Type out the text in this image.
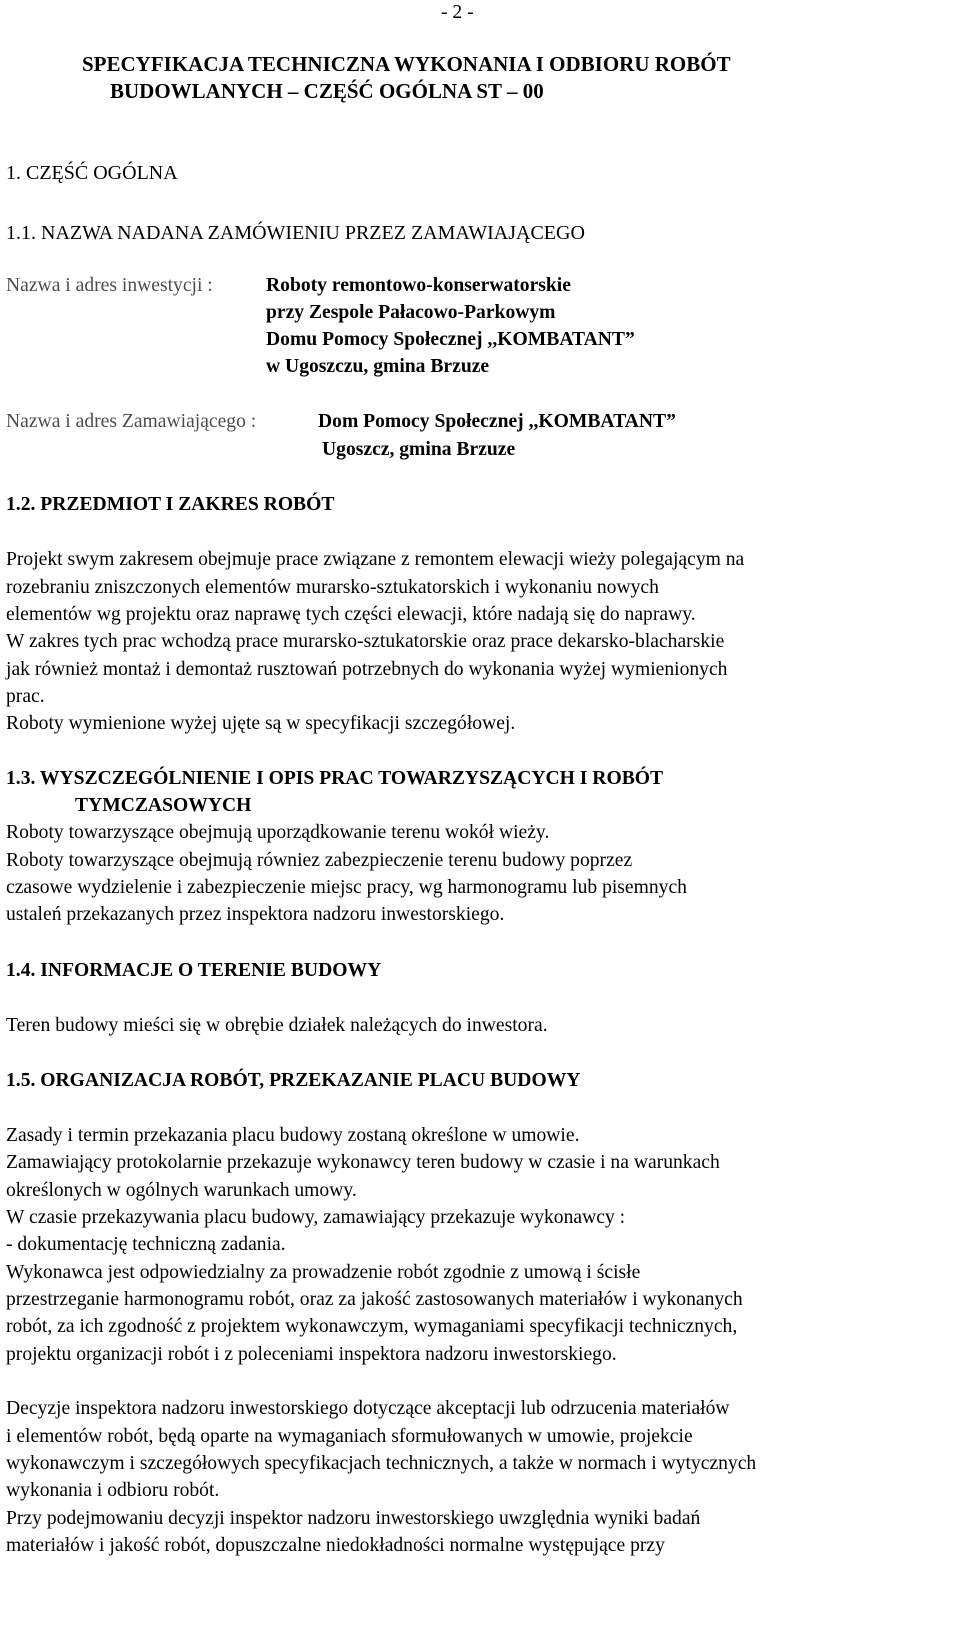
- 2 -
SPECYFIKACJA TECHNICZNA WYKONANIA I ODBIORU ROBÓT
BUDOWLANYCH – CZĘŚĆ OGÓLNA ST – 00
1. CZĘŚĆ OGÓLNA
1.1. NAZWA NADANA ZAMÓWIENIU PRZEZ ZAMAWIAJĄCEGO
Nazwa i adres inwestycji :	Roboty remontowo-konserwatorskie
przy Zespole Pałacowo-Parkowym
Domu Pomocy Społecznej ,,KOMBATANT”
w Ugoszczu, gmina Brzuze
Nazwa i adres Zamawiającego :	Dom Pomocy Społecznej ,,KOMBATANT”
Ugoszcz, gmina Brzuze
1.2. PRZEDMIOT I ZAKRES ROBÓT
Projekt swym zakresem obejmuje prace związane z remontem elewacji wieży polegającym na
rozebraniu zniszczonych elementów murarsko-sztukatorskich i wykonaniu nowych
elementów wg projektu oraz naprawę tych części elewacji, które nadają się do naprawy.
W zakres tych prac wchodzą prace murarsko-sztukatorskie oraz prace dekarsko-blacharskie
jak również montaż i demontaż rusztowań potrzebnych do wykonania wyżej wymienionych
prac.
Roboty wymienione wyżej ujęte są w specyfikacji szczegółowej.
1.3. WYSZCZEGÓLNIENIE I OPIS PRAC TOWARZYSZĄCYCH I ROBÓT
TYMCZASOWYCH
Roboty towarzyszące obejmują uporządkowanie terenu wokół wieży.
Roboty towarzyszące obejmują równiez zabezpieczenie terenu budowy poprzez
czasowe wydzielenie i zabezpieczenie miejsc pracy, wg harmonogramu lub pisemnych
ustaleń przekazanych przez inspektora nadzoru inwestorskiego.
1.4. INFORMACJE O TERENIE BUDOWY
Teren budowy mieści się w obrębie działek należących do inwestora.
1.5. ORGANIZACJA ROBÓT, PRZEKAZANIE PLACU BUDOWY
Zasady i termin przekazania placu budowy zostaną określone w umowie.
Zamawiający protokolarnie przekazuje wykonawcy teren budowy w czasie i na warunkach
określonych w ogólnych warunkach umowy.
W czasie przekazywania placu budowy, zamawiający przekazuje wykonawcy :
- dokumentację techniczną zadania.
Wykonawca jest odpowiedzialny za prowadzenie robót zgodnie z umową i ścisłe
przestrzeganie harmonogramu robót, oraz za jakość zastosowanych materiałów i wykonanych
robót, za ich zgodność z projektem wykonawczym, wymaganiami specyfikacji technicznych,
projektu organizacji robót i z poleceniami inspektora nadzoru inwestorskiego.
Decyzje inspektora nadzoru inwestorskiego dotyczące akceptacji lub odrzucenia materiałów
i elementów robót, będą oparte na wymaganiach sformułowanych w umowie, projekcie
wykonawczym i szczegółowych specyfikacjach technicznych, a także w normach i wytycznych
wykonania i odbioru robót.
Przy podejmowaniu decyzji inspektor nadzoru inwestorskiego uwzględnia wyniki badań
materiałów i jakość robót, dopuszczalne niedokładności normalne występujące przy
